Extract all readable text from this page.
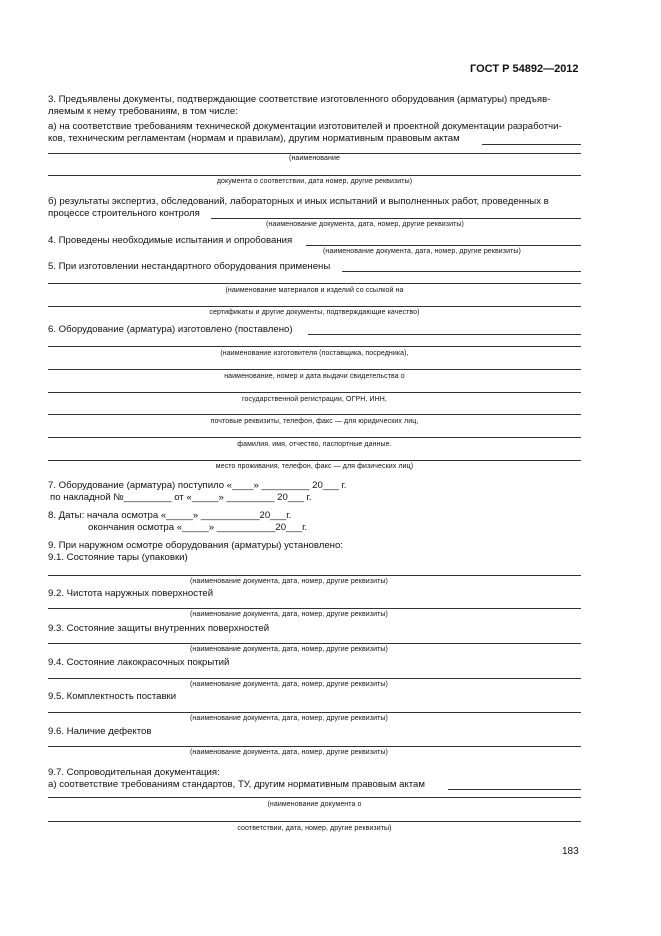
ГОСТ Р 54892—2012
3. Предъявлены документы, подтверждающие соответствие изготовленного оборудования (арматуры) предъяв-
ляемым к нему требованиям, в том числе:
а) на соответствие требованиям технической документации изготовителей и проектной документации разработчи-
ков, техническим регламентам (нормам и правилам), другим нормативным правовым актам
(наименование
документа о соответствии, дата номер, другие реквизиты)
б) результаты экспертиз, обследований, лабораторных и иных испытаний и выполненных работ, проведенных в
процессе строительного контроля
(наименование документа, дата, номер, другие реквизиты)
4. Проведены необходимые испытания и опробования
(наименование документа, дата, номер, другие реквизиты)
5. При изготовлении нестандартного оборудования применены
(наименование материалов и изделий со ссылкой на
сертификаты и другие документы, подтверждающие качество)
6. Оборудование (арматура) изготовлено (поставлено)
(наименование изготовителя (поставщика, посредника),
наименование, номер и дата выдачи свидетельства о
государственной регистрации, ОГРН, ИНН,
почтовые реквизиты, телефон, факс — для юридических лиц,
фамилия. имя, отчество, паспортные данные.
место проживания, телефон, факс — для физических лиц)
7. Оборудование (арматура) поступило «____» _________ 20___ г.
по накладной №_________ от «_____» _________ 20___ г.
8. Даты: начала осмотра «_____» ___________20___г.
окончания осмотра «_____» ___________20___г.
9. При наружном осмотре оборудования (арматуры) установлено:
9.1. Состояние тары (упаковки)
(наименование документа, дата, номер, другие реквизиты)
9.2. Чистота наружных поверхностей
(наименование документа, дата, номер, другие реквизиты)
9.3. Состояние защиты внутренних поверхностей
(наименование документа, дата, номер, другие реквизиты)
9.4. Состояние лакокрасочных покрытий
(наименование документа, дата, номер, другие реквизиты)
9.5. Комплектность поставки
(наименование документа, дата, номер, другие реквизиты)
9.6. Наличие дефектов
(наименование документа, дата, номер, другие реквизиты)
9.7. Сопроводительная документация:
а) соответствие требованиям стандартов, ТУ, другим нормативным правовым актам
(наименование документа о
соответствии, дата, номер, другие реквизиты)
183
